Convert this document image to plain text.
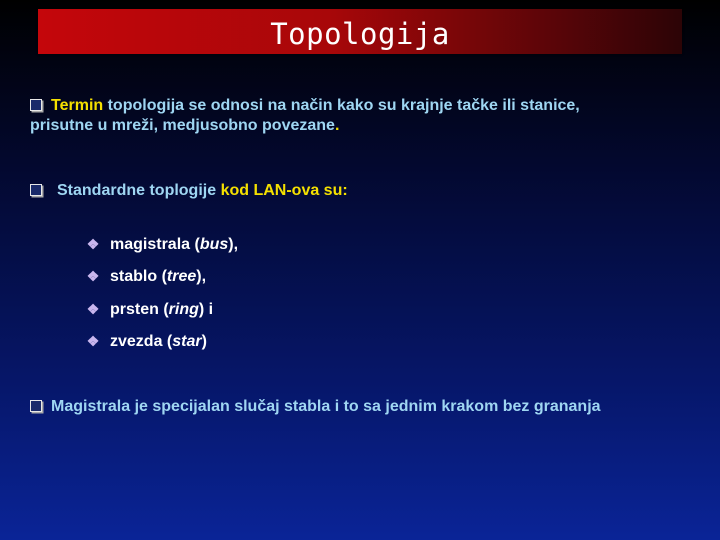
Topologija
Termin topologija se odnosi na način kako su krajnje tačke ili stanice,
prisutne u mreži, medjusobno povezane.
Standardne toplogije kod LAN-ova su:
❖ magistrala (bus),
❖ stablo (tree),
❖ prsten (ring) i
❖ zvezda (star)
Magistrala je specijalan slučaj stabla i to sa jednim krakom bez grananja
